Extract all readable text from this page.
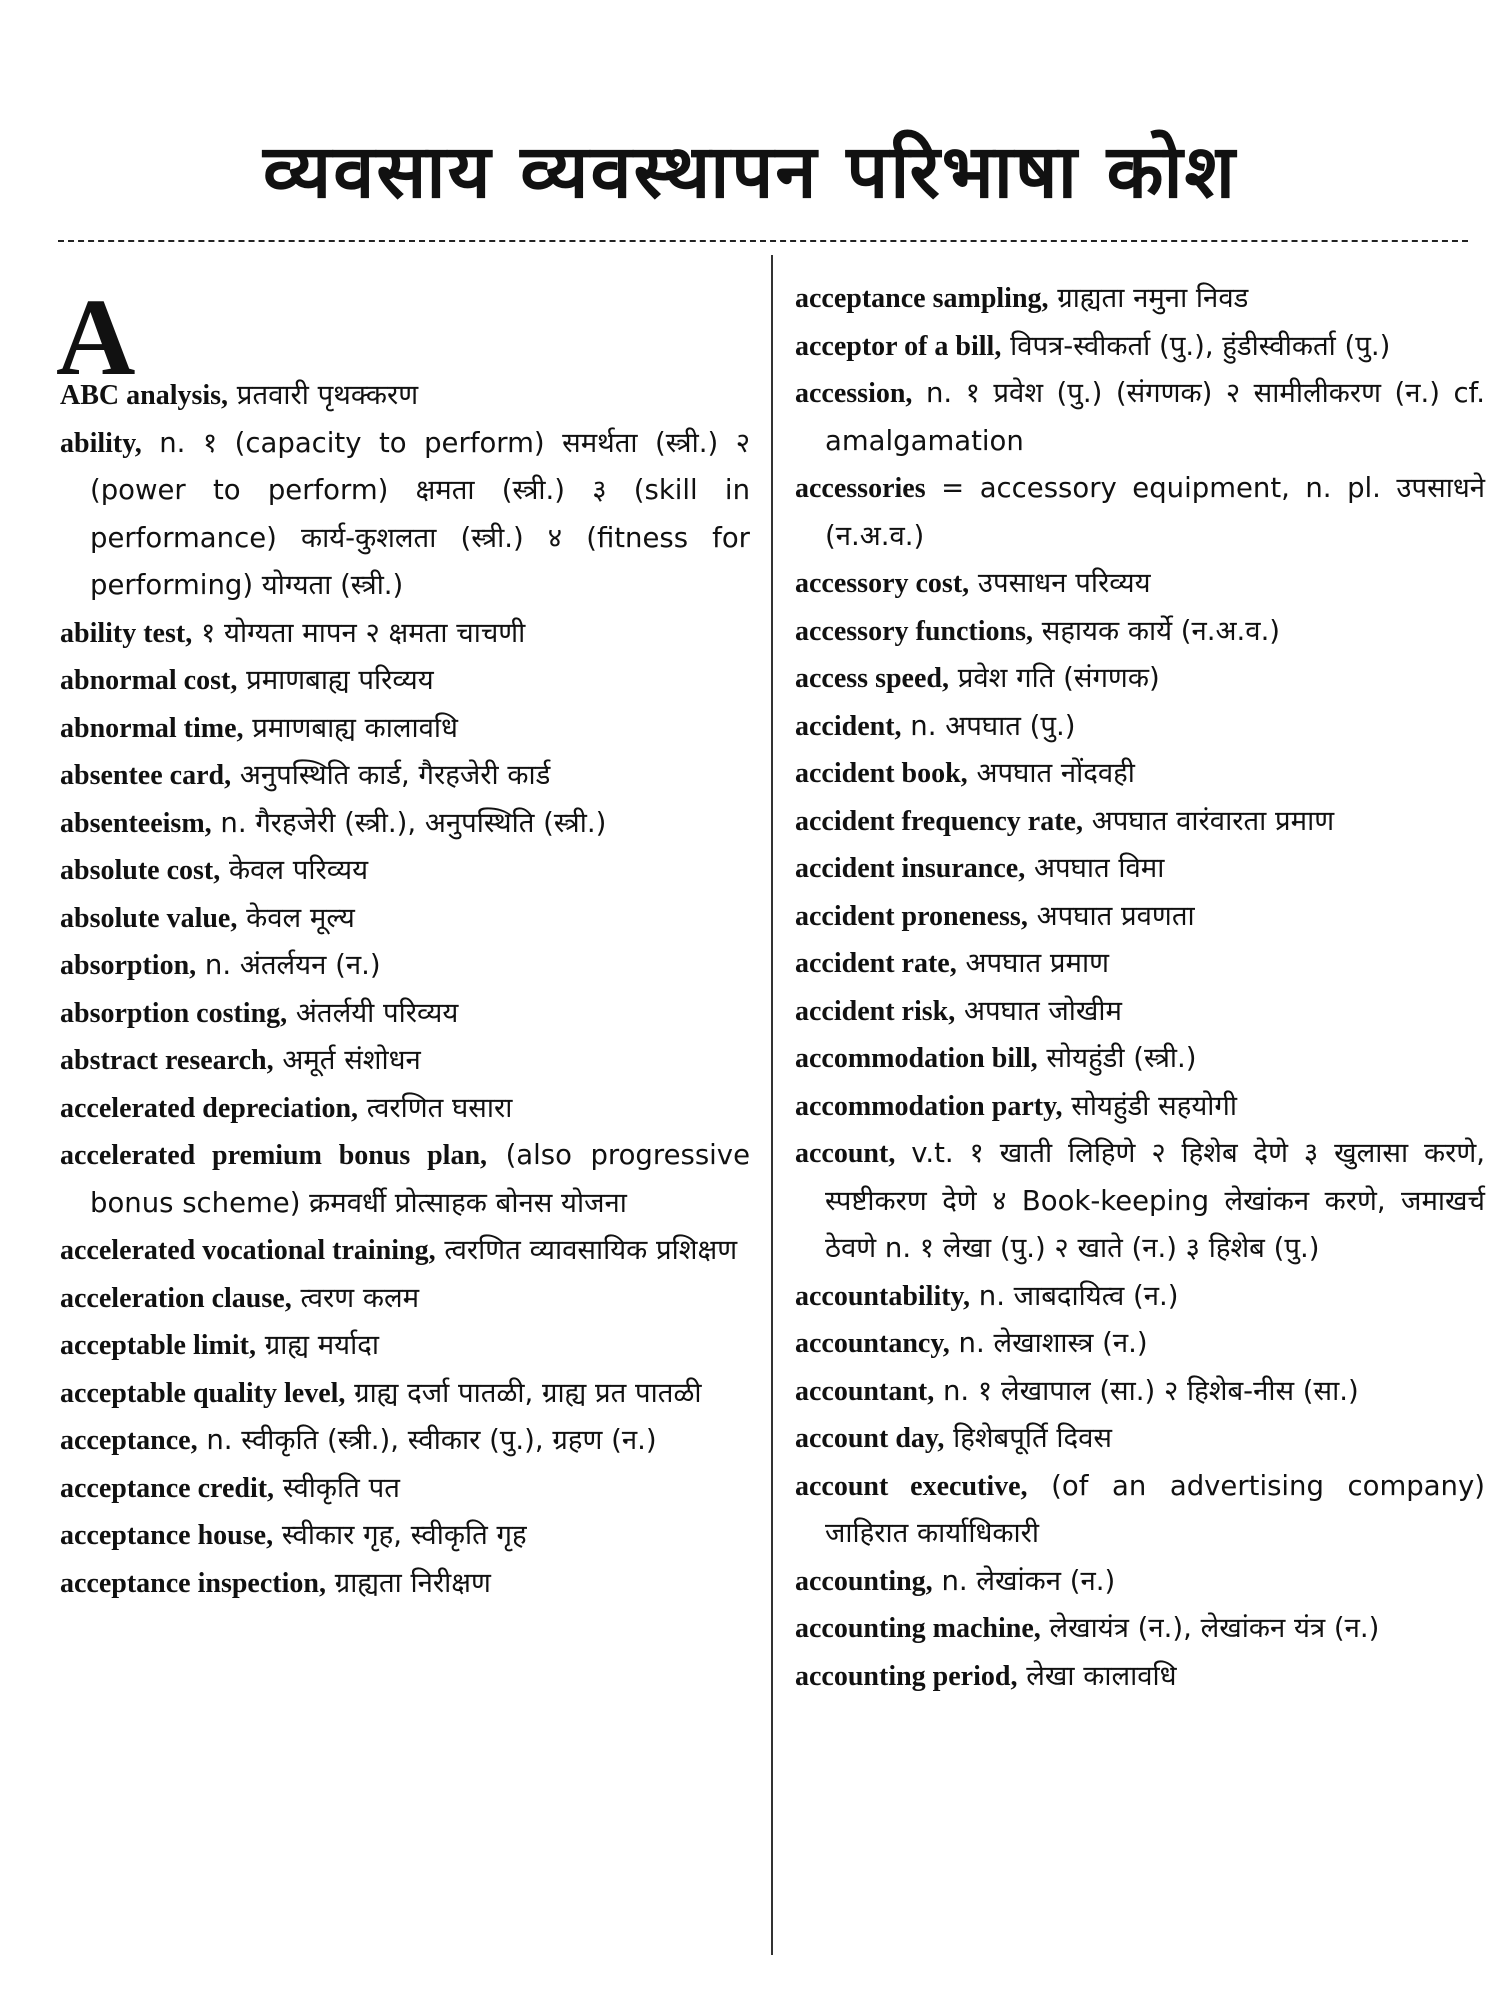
व्यवसाय व्यवस्थापन परिभाषा कोश
A
ABC analysis, प्रतवारी पृथक्करण
ability, n. १ (capacity to perform) समर्थता (स्त्री.) २ (power to perform) क्षमता (स्त्री.) ३ (skill in performance) कार्य-कुशलता (स्त्री.) ४ (fitness for performing) योग्यता (स्त्री.)
ability test, १ योग्यता मापन २ क्षमता चाचणी
abnormal cost, प्रमाणबाह्य परिव्यय
abnormal time, प्रमाणबाह्य कालावधि
absentee card, अनुपस्थिति कार्ड, गैरहजेरी कार्ड
absenteeism, n. गैरहजेरी (स्त्री.), अनुपस्थिति (स्त्री.)
absolute cost, केवल परिव्यय
absolute value, केवल मूल्य
absorption, n. अंतर्लयन (न.)
absorption costing, अंतर्लयी परिव्यय
abstract research, अमूर्त संशोधन
accelerated depreciation, त्वरणित घसारा
accelerated premium bonus plan, (also progressive bonus scheme) क्रमवर्धी प्रोत्साहक बोनस योजना
accelerated vocational training, त्वरणित व्यावसायिक प्रशिक्षण
acceleration clause, त्वरण कलम
acceptable limit, ग्राह्य मर्यादा
acceptable quality level, ग्राह्य दर्जा पातळी, ग्राह्य प्रत पातळी
acceptance, n. स्वीकृति (स्त्री.), स्वीकार (पु.), ग्रहण (न.)
acceptance credit, स्वीकृति पत
acceptance house, स्वीकार गृह, स्वीकृति गृह
acceptance inspection, ग्राह्यता निरीक्षण
acceptance sampling, ग्राह्यता नमुना निवड
acceptor of a bill, विपत्र-स्वीकर्ता (पु.), हुंडीस्वीकर्ता (पु.)
accession, n. १ प्रवेश (पु.) (संगणक) २ सामीलीकरण (न.) cf. amalgamation
accessories = accessory equipment, n. pl. उपसाधने (न.अ.व.)
accessory cost, उपसाधन परिव्यय
accessory functions, सहायक कार्ये (न.अ.व.)
access speed, प्रवेश गति (संगणक)
accident, n. अपघात (पु.)
accident book, अपघात नोंदवही
accident frequency rate, अपघात वारंवारता प्रमाण
accident insurance, अपघात विमा
accident proneness, अपघात प्रवणता
accident rate, अपघात प्रमाण
accident risk, अपघात जोखीम
accommodation bill, सोयहुंडी (स्त्री.)
accommodation party, सोयहुंडी सहयोगी
account, v.t. १ खाती लिहिणे २ हिशेब देणे ३ खुलासा करणे, स्पष्टीकरण देणे ४ Book-keeping लेखांकन करणे, जमाखर्च ठेवणे n. १ लेखा (पु.) २ खाते (न.) ३ हिशेब (पु.)
accountability, n. जाबदायित्व (न.)
accountancy, n. लेखाशास्त्र (न.)
accountant, n. १ लेखापाल (सा.) २ हिशेब-नीस (सा.)
account day, हिशेबपूर्ति दिवस
account executive, (of an advertising company) जाहिरात कार्याधिकारी
accounting, n. लेखांकन (न.)
accounting machine, लेखायंत्र (न.), लेखांकन यंत्र (न.)
accounting period, लेखा कालावधि
